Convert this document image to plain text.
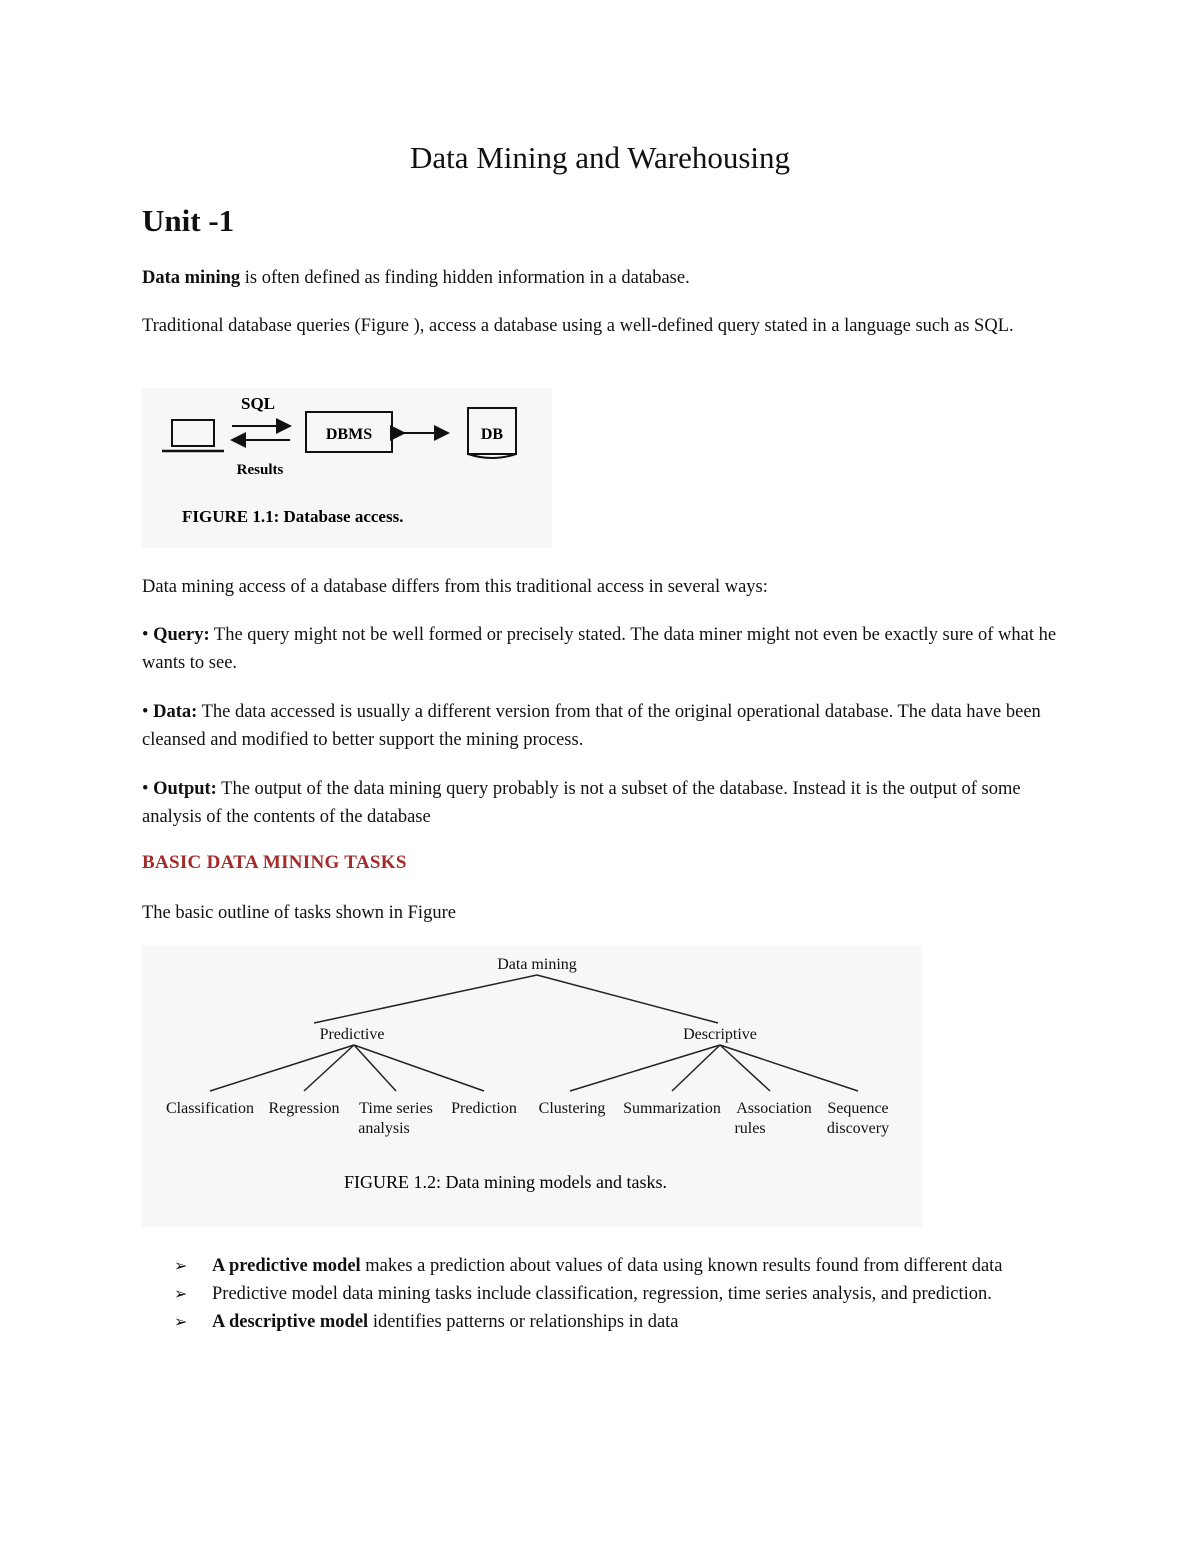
Data Mining and Warehousing
Unit -1
Data mining is often defined as finding hidden information in a database.
Traditional database queries (Figure ), access a database using a well-defined query stated in a language such as SQL.
SQL
Results
DBMS	DB
FIGURE 1.1: Database access.
Data mining access of a database differs from this traditional access in several ways:
• Query: The query might not be well formed or precisely stated. The data miner might not even be exactly sure of what he wants to see.
• Data: The data accessed is usually a different version from that of the original operational database. The data have been cleansed and modified to better support the mining process.
• Output: The output of the data mining query probably is not a subset of the database. Instead it is the output of some analysis of the contents of the database
BASIC DATA MINING TASKS
The basic outline of tasks shown in Figure
Data mining
Predictive	Descriptive
Classification Regression Time series
analysis
Prediction Clustering Summarization Association
rules
Sequence
discovery
FIGURE 1.2: Data mining models and tasks.
➢ A predictive model makes a prediction about values of data using known results found from different data
➢ Predictive model data mining tasks include classification, regression, time series analysis, and prediction.
➢ A descriptive model identifies patterns or relationships in data
